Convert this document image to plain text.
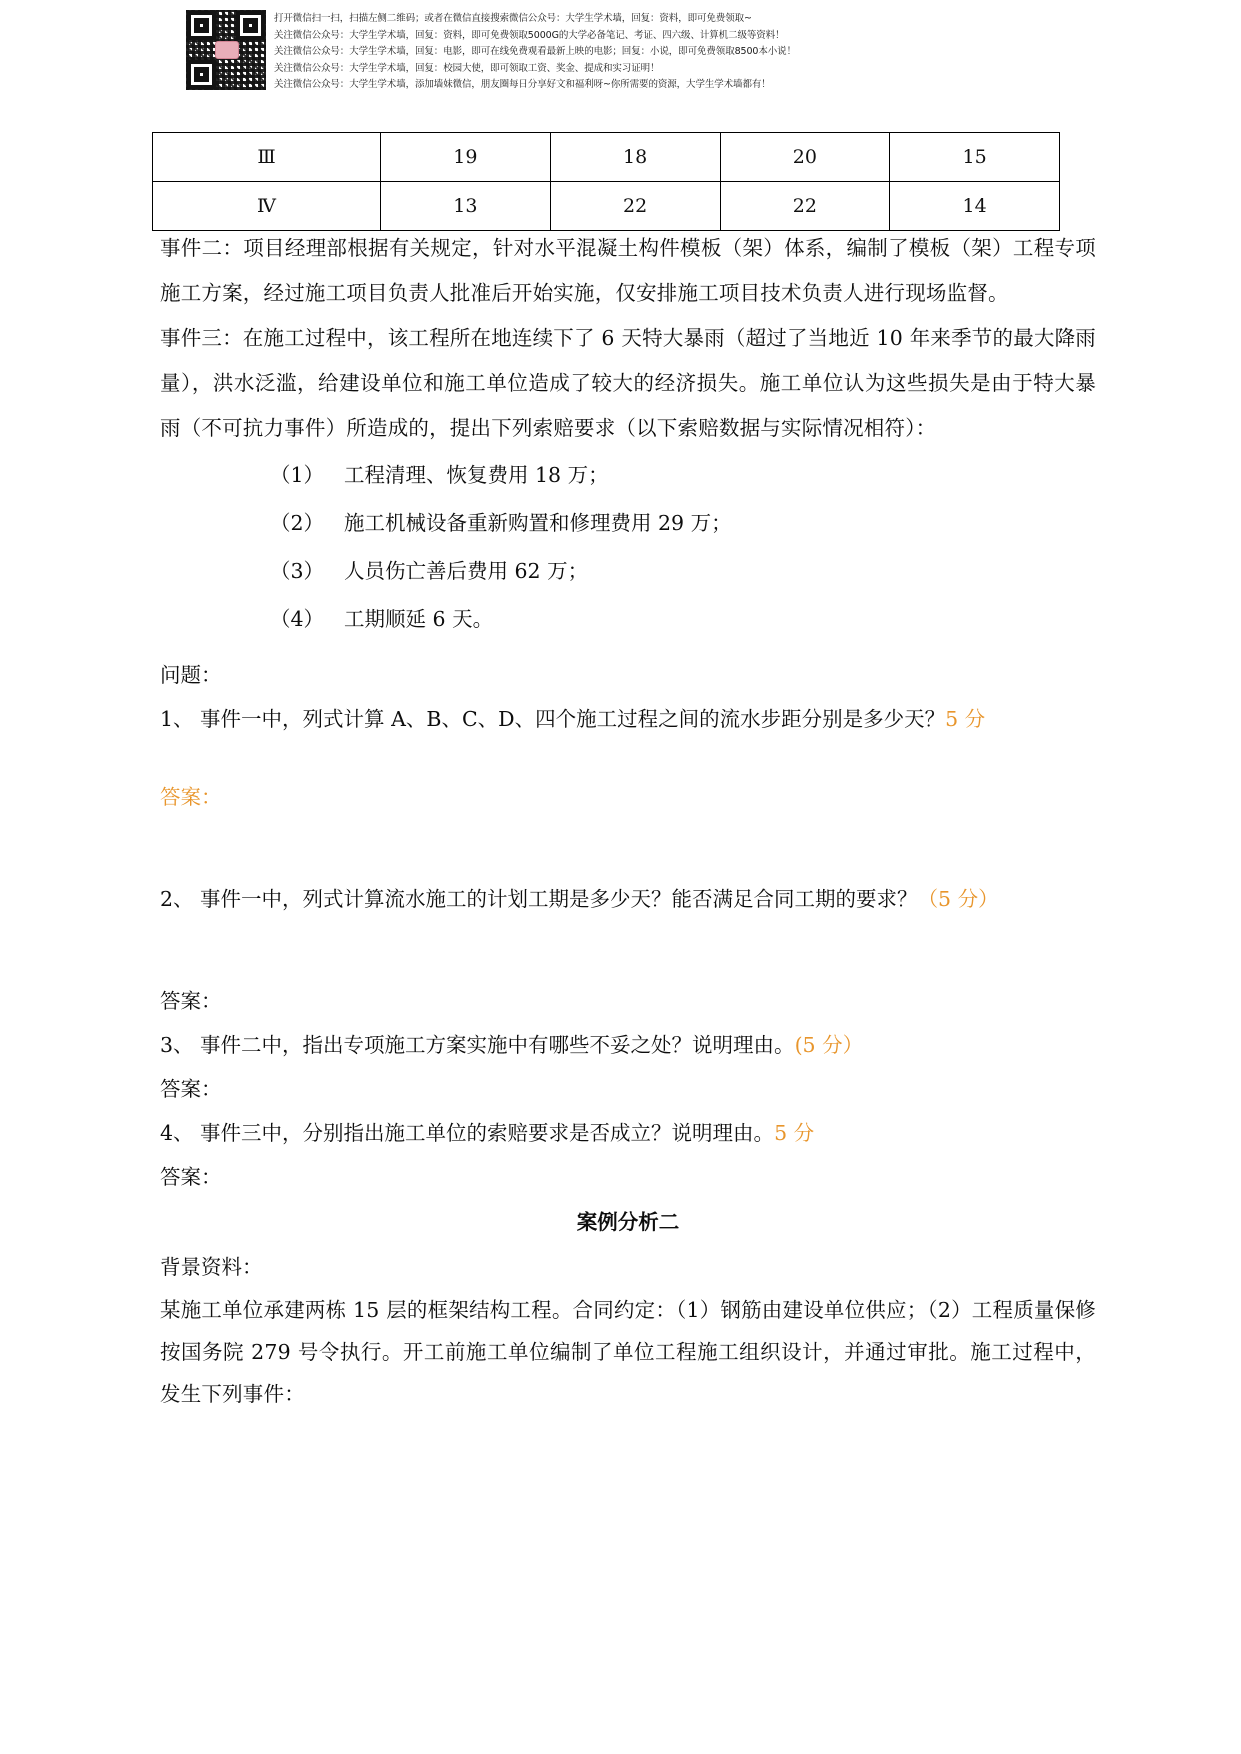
打开微信扫一扫，扫描左侧二维码；或者在微信直接搜索微信公众号：大学生学术墙，回复：资料，即可免费领取~
关注微信公众号：大学生学术墙，回复：资料，即可免费领取5000G的大学必备笔记、考证、四六级、计算机二级等资料！
关注微信公众号：大学生学术墙，回复：电影，即可在线免费观看最新上映的电影；回复：小说，即可免费领取8500本小说！
关注微信公众号：大学生学术墙，回复：校园大使，即可领取工资、奖金、提成和实习证明！
关注微信公众号：大学生学术墙，添加墙妹微信，朋友圈每日分享好文和福利呀~你所需要的资源，大学生学术墙都有！
Ⅲ	19	18	20	15
Ⅳ	13	22	22	14

事件二：项目经理部根据有关规定，针对水平混凝土构件模板（架）体系，编制了模板（架）工程专项施工方案，经过施工项目负责人批准后开始实施，仅安排施工项目技术负责人进行现场监督。

事件三：在施工过程中，该工程所在地连续下了 6 天特大暴雨（超过了当地近 10 年来季节的最大降雨量），洪水泛滥，给建设单位和施工单位造成了较大的经济损失。施工单位认为这些损失是由于特大暴雨（不可抗力事件）所造成的，提出下列索赔要求（以下索赔数据与实际情况相符）：

（1） 工程清理、恢复费用 18 万；

（2） 施工机械设备重新购置和修理费用 29 万；

（3） 人员伤亡善后费用 62 万；

（4） 工期顺延 6 天。

问题：

1、 事件一中，列式计算 A、B、C、D、四个施工过程之间的流水步距分别是多少天？5 分

答案：

2、 事件一中，列式计算流水施工的计划工期是多少天？能否满足合同工期的要求？（5 分）

答案：

3、 事件二中，指出专项施工方案实施中有哪些不妥之处？说明理由。(5 分）

答案：

4、 事件三中，分别指出施工单位的索赔要求是否成立？说明理由。5 分

答案：

案例分析二

背景资料：

某施工单位承建两栋 15 层的框架结构工程。合同约定：（1）钢筋由建设单位供应；（2）工程质量保修按国务院 279 号令执行。开工前施工单位编制了单位工程施工组织设计，并通过审批。施工过程中，发生下列事件：
